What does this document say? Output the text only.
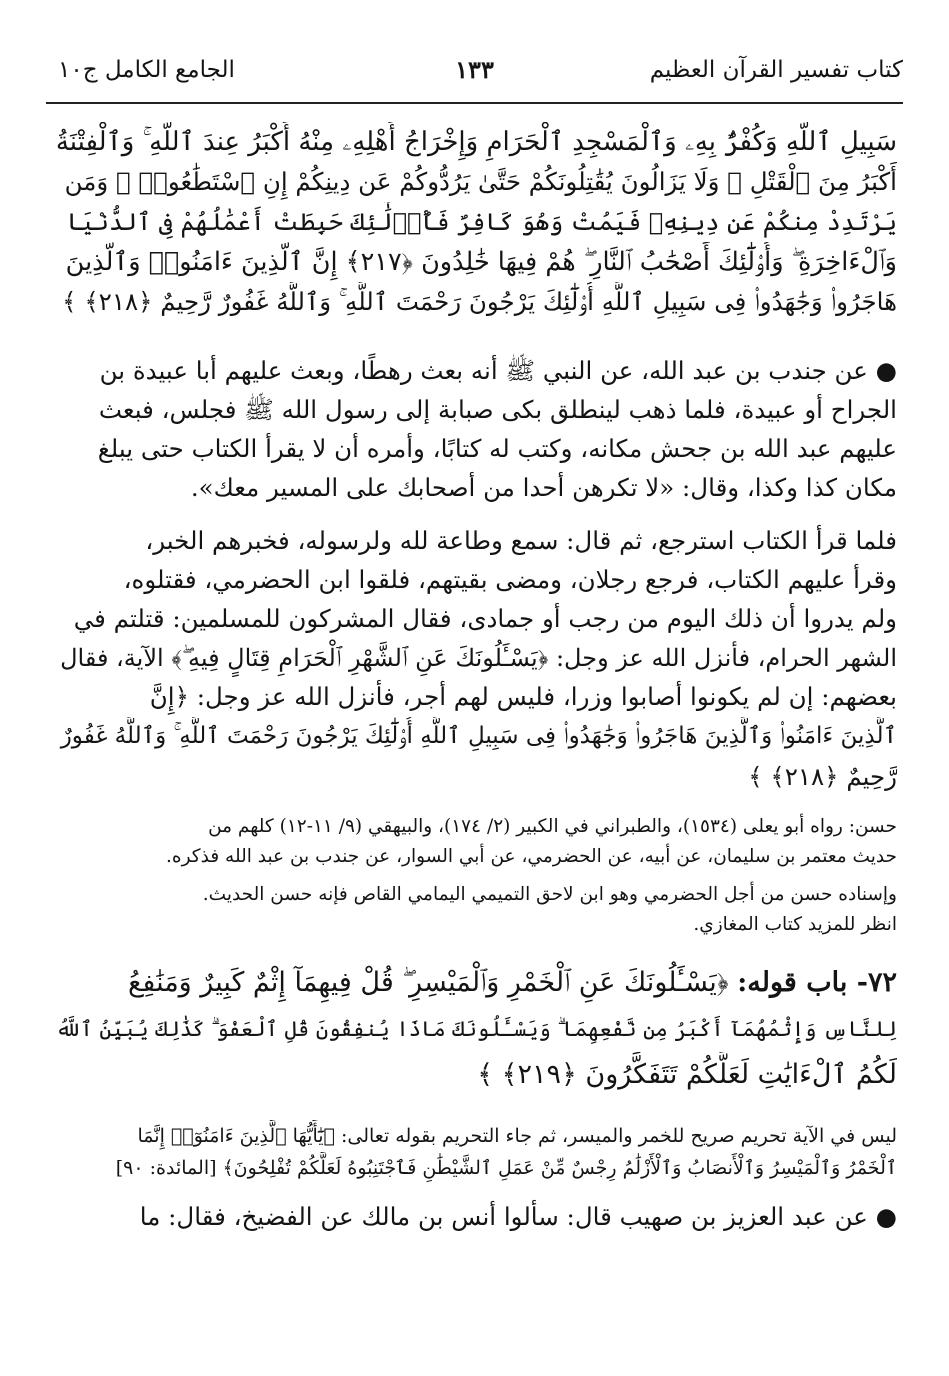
كتاب تفسير القرآن العظيم
١٣٣
الجامع الكامل ج١٠
سَبِيلِ ٱللَّهِ وَكُفْرٌۢ بِهِۦ وَٱلْمَسْجِدِ ٱلْحَرَامِ وَإِخْرَاجُ أَهْلِهِۦ مِنْهُ أَكْبَرُ عِندَ ٱللَّهِ ۚ وَٱلْفِتْنَةُ
أَكْبَرُ مِنَ ٱلْقَتْلِ ۗ وَلَا يَزَالُونَ يُقَٰتِلُونَكُمْ حَتَّىٰ يَرُدُّوكُمْ عَن دِينِكُمْ إِنِ ٱسْتَطَٰعُوا۟ ۚ وَمَن
يَرْتَدِدْ مِنكُمْ عَن دِينِهِۦ فَيَمُتْ وَهُوَ كَافِرٌ فَأُو۟لَٰٓئِكَ حَبِطَتْ أَعْمَٰلُهُمْ فِى ٱلدُّنْيَا
وَٱلْءَاخِرَةِ ۖ وَأُو۟لَٰٓئِكَ أَصْحَٰبُ ٱلنَّارِ ۖ هُمْ فِيهَا خَٰلِدُونَ ﴿٢١٧﴾ إِنَّ ٱلَّذِينَ ءَامَنُوا۟ وَٱلَّذِينَ
هَاجَرُوا۟ وَجَٰهَدُوا۟ فِى سَبِيلِ ٱللَّهِ أُو۟لَٰٓئِكَ يَرْجُونَ رَحْمَتَ ٱللَّهِ ۚ وَٱللَّهُ غَفُورٌ رَّحِيمٌ ﴿٢١٨﴾ ﴾
● عن جندب بن عبد الله، عن النبي ﷺ أنه بعث رهطًا، وبعث عليهم أبا عبيدة بن
الجراح أو عبيدة، فلما ذهب لينطلق بكى صبابة إلى رسول الله ﷺ فجلس، فبعث
عليهم عبد الله بن جحش مكانه، وكتب له كتابًا، وأمره أن لا يقرأ الكتاب حتى يبلغ
مكان كذا وكذا، وقال: «لا تكرهن أحدا من أصحابك على المسير معك».
فلما قرأ الكتاب استرجع، ثم قال: سمع وطاعة لله ولرسوله، فخبرهم الخبر،
وقرأ عليهم الكتاب، فرجع رجلان، ومضى بقيتهم، فلقوا ابن الحضرمي، فقتلوه،
ولم يدروا أن ذلك اليوم من رجب أو جمادى، فقال المشركون للمسلمين: قتلتم في
الشهر الحرام، فأنزل الله عز وجل: ﴿يَسْـَٔلُونَكَ عَنِ ٱلشَّهْرِ ٱلْحَرَامِ قِتَالٍ فِيهِ ۖ﴾ الآية، فقال
بعضهم: إن لم يكونوا أصابوا وزرا، فليس لهم أجر، فأنزل الله عز وجل: ﴿إِنَّ
ٱلَّذِينَ ءَامَنُوا۟ وَٱلَّذِينَ هَاجَرُوا۟ وَجَٰهَدُوا۟ فِى سَبِيلِ ٱللَّهِ أُو۟لَٰٓئِكَ يَرْجُونَ رَحْمَتَ ٱللَّهِ ۚ وَٱللَّهُ غَفُورٌ
رَّحِيمٌ ﴿٢١٨﴾ ﴾
حسن: رواه أبو يعلى (١٥٣٤)، والطبراني في الكبير (٢/ ١٧٤)، والبيهقي (٩/ ١١-١٢) كلهم من
حديث معتمر بن سليمان، عن أبيه، عن الحضرمي، عن أبي السوار، عن جندب بن عبد الله فذكره.
وإسناده حسن من أجل الحضرمي وهو ابن لاحق التميمي اليمامي القاص فإنه حسن الحديث.
انظر للمزيد كتاب المغازي.
٧٢- باب قوله: ﴿يَسْـَٔلُونَكَ عَنِ ٱلْخَمْرِ وَٱلْمَيْسِرِ ۖ قُلْ فِيهِمَآ إِثْمٌ كَبِيرٌ وَمَنَٰفِعُ
لِلنَّاسِ وَإِثْمُهُمَآ أَكْبَرُ مِن نَّفْعِهِمَا ۗ وَيَسْـَٔلُونَكَ مَاذَا يُنفِقُونَ قُلِ ٱلْعَفْوَ ۗ كَذَٰلِكَ يُبَيِّنُ ٱللَّهُ
لَكُمُ ٱلْءَايَٰتِ لَعَلَّكُمْ تَتَفَكَّرُونَ ﴿٢١٩﴾ ﴾
ليس في الآية تحريم صريح للخمر والميسر، ثم جاء التحريم بقوله تعالى: ﴿يَٰٓأَيُّهَا ٱلَّذِينَ ءَامَنُوٓا۟ إِنَّمَا
ٱلْخَمْرُ وَٱلْمَيْسِرُ وَٱلْأَنصَابُ وَٱلْأَزْلَٰمُ رِجْسٌ مِّنْ عَمَلِ ٱلشَّيْطَٰنِ فَٱجْتَنِبُوهُ لَعَلَّكُمْ تُفْلِحُونَ﴾ [المائدة: ٩٠]
● عن عبد العزيز بن صهيب قال: سألوا أنس بن مالك عن الفضيخ، فقال: ما
